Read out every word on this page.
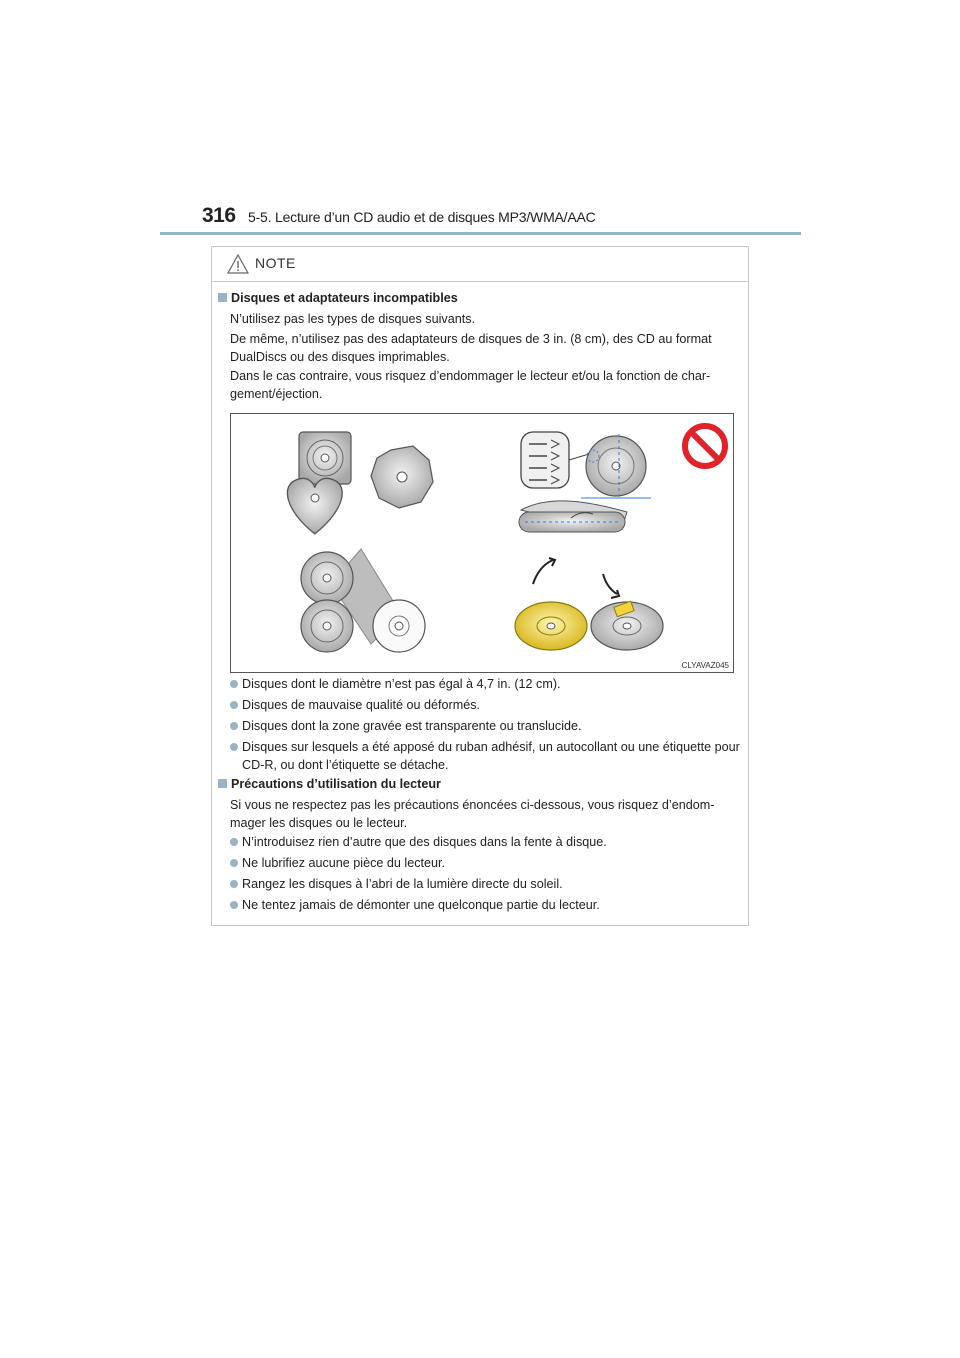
316 5-5. Lecture d’un CD audio et de disques MP3/WMA/AAC
NOTE
Disques et adaptateurs incompatibles
N’utilisez pas les types de disques suivants.
De même, n’utilisez pas des adaptateurs de disques de 3 in. (8 cm), des CD au format DualDiscs ou des disques imprimables.
Dans le cas contraire, vous risquez d’endommager le lecteur et/ou la fonction de char-gement/éjection.
CLYAVAZ045
Disques dont le diamètre n’est pas égal à 4,7 in. (12 cm).
Disques de mauvaise qualité ou déformés.
Disques dont la zone gravée est transparente ou translucide.
Disques sur lesquels a été apposé du ruban adhésif, un autocollant ou une étiquette pour CD-R, ou dont l’étiquette se détache.
Précautions d’utilisation du lecteur
Si vous ne respectez pas les précautions énoncées ci-dessous, vous risquez d’endom-mager les disques ou le lecteur.
N’introduisez rien d’autre que des disques dans la fente à disque.
Ne lubrifiez aucune pièce du lecteur.
Rangez les disques à l’abri de la lumière directe du soleil.
Ne tentez jamais de démonter une quelconque partie du lecteur.
